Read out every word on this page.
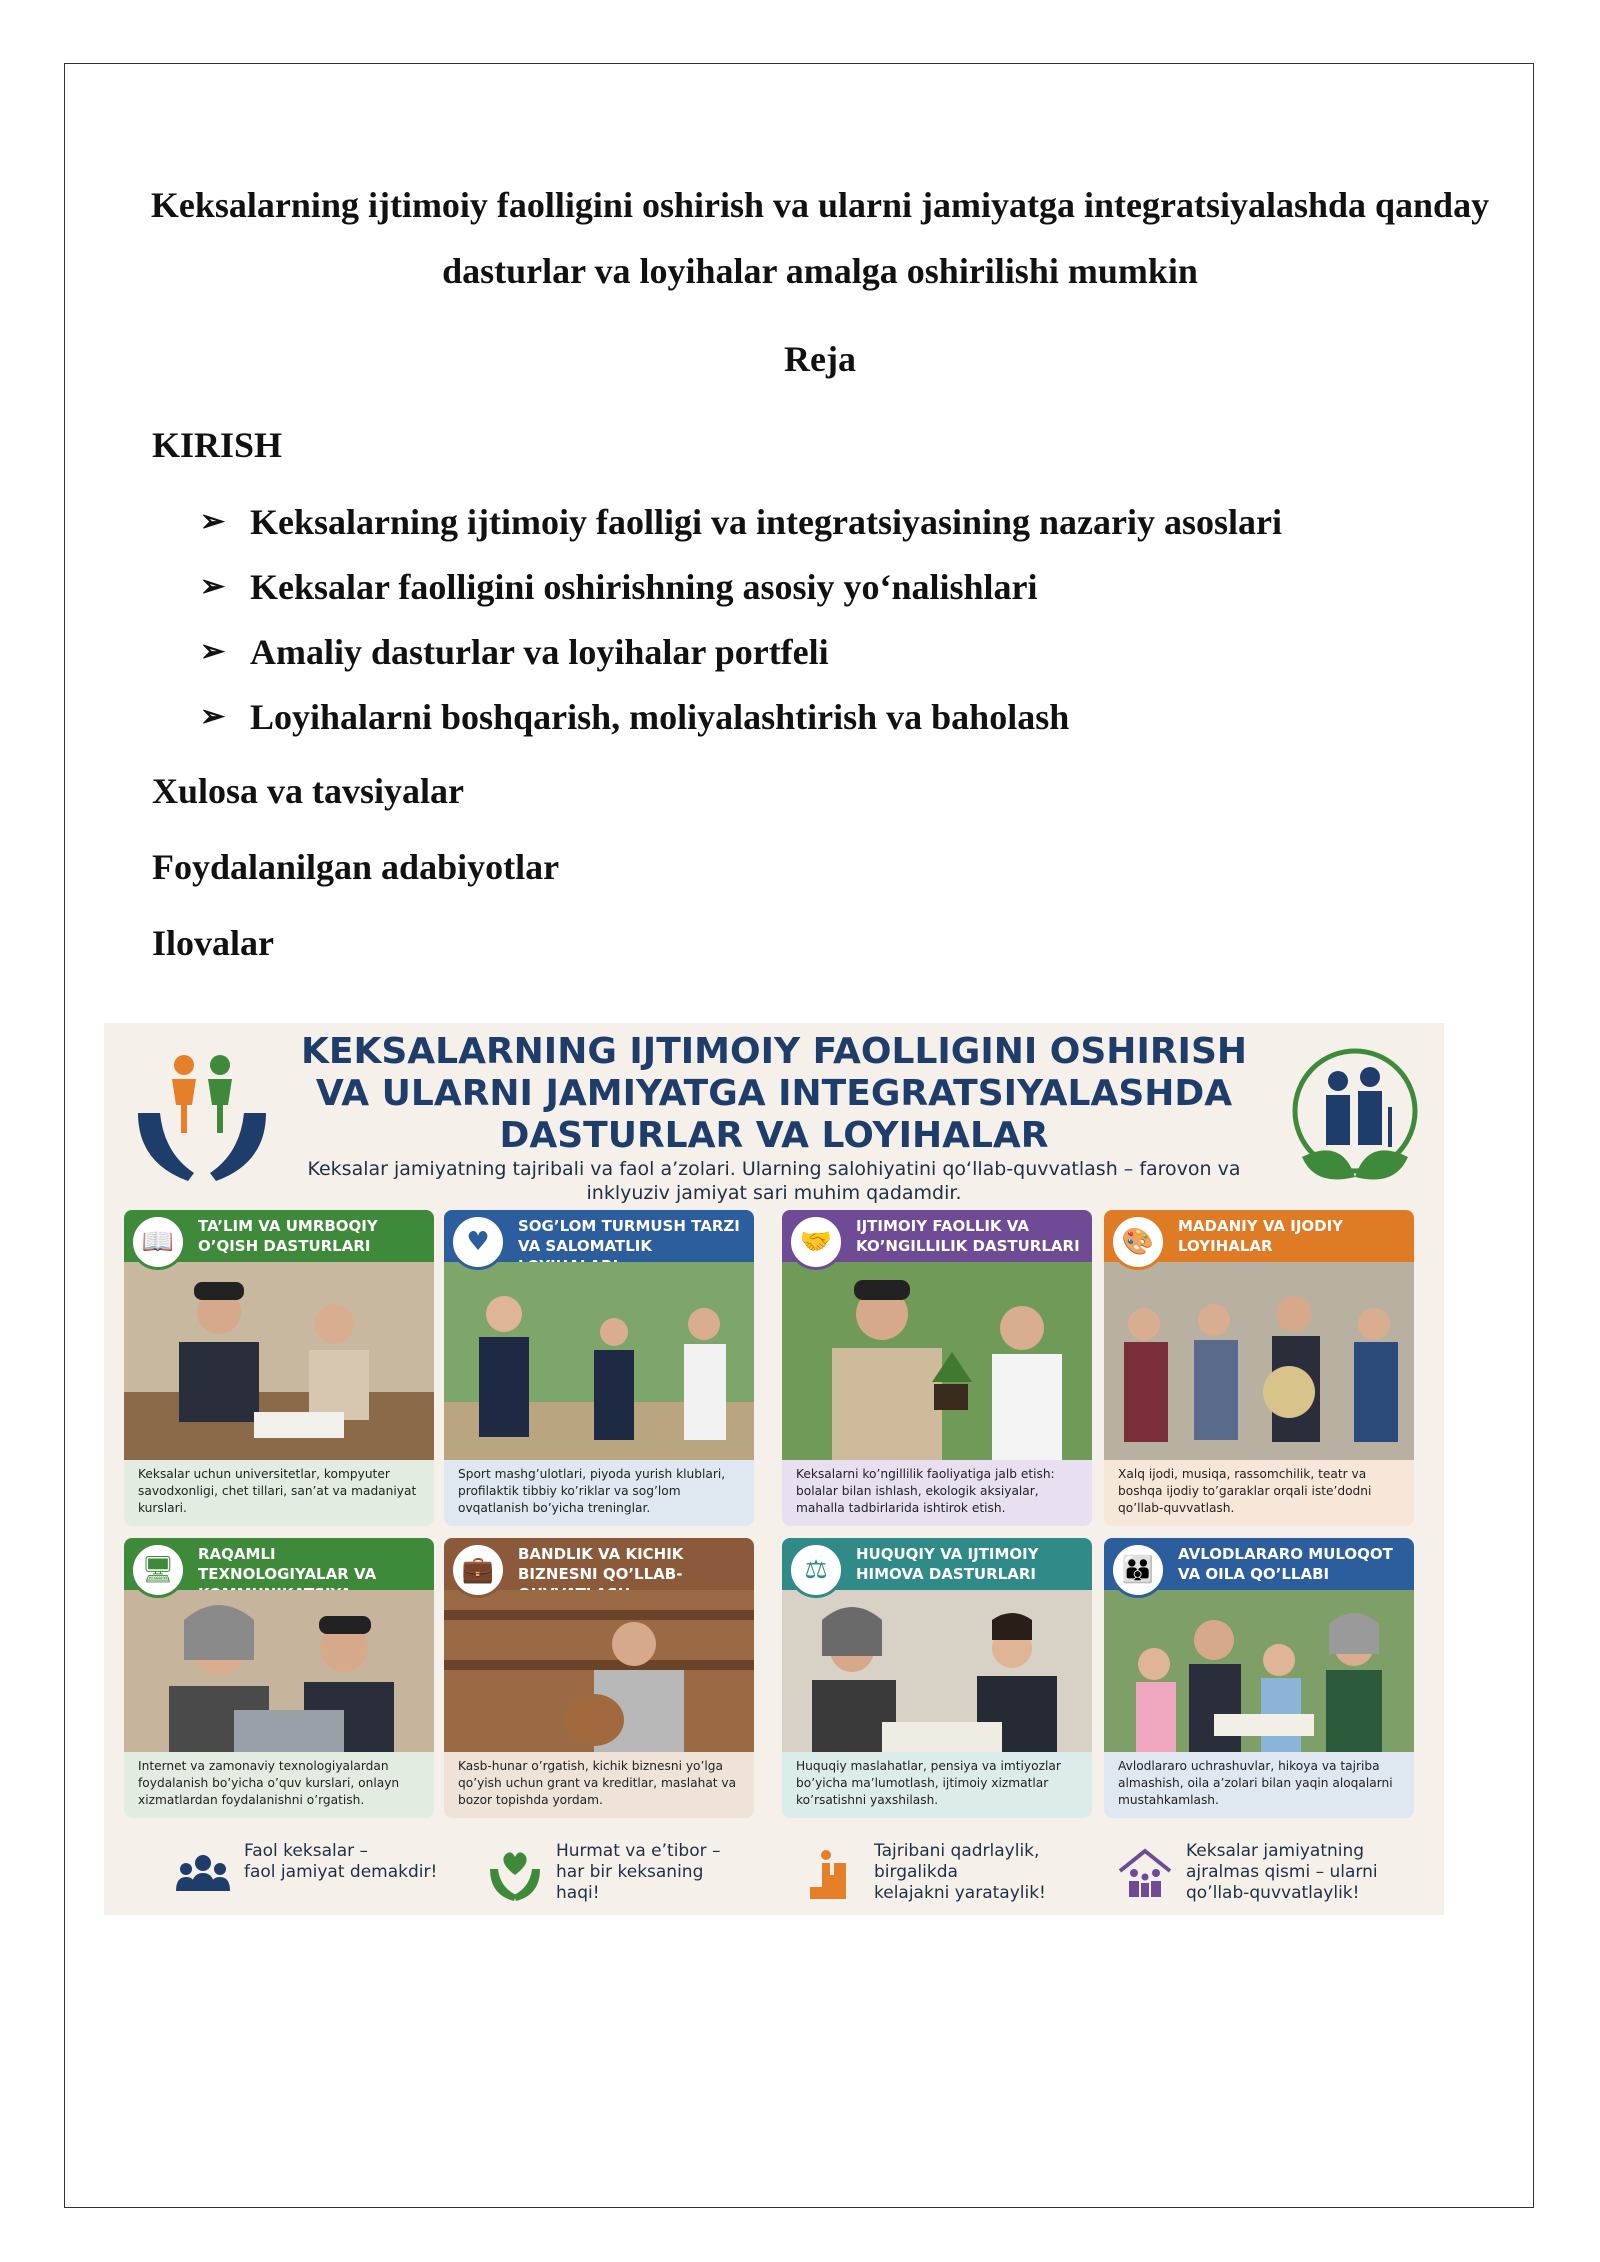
Keksalarning ijtimoiy faolligini oshirish va ularni jamiyatga integratsiyalashda qanday dasturlar va loyihalar amalga oshirilishi mumkin
Reja
KIRISH
➢ Keksalarning ijtimoiy faolligi va integratsiyasining nazariy asoslari
➢ Keksalar faolligini oshirishning asosiy yo‘nalishlari
➢ Amaliy dasturlar va loyihalar portfeli
➢ Loyihalarni boshqarish, moliyalashtirish va baholash
Xulosa va tavsiyalar
Foydalanilgan adabiyotlar
Ilovalar
KEKSALARNING IJTIMOIY FAOLLIGINI OSHIRISH
VA ULARNI JAMIYATGA INTEGRATSIYALASHDA
DASTURLAR VA LOYIHALAR

Keksalar jamiyatning tajribali va faol a’zolari. Ularning salohiyatini qo‘llab-quvvatlash – farovon va inklyuziv jamiyat sari muhim qadamdir.

📖

TA’LIM VA UMRBOQIY O’QISH DASTURLARI

Keksalar uchun universitetlar, kompyuter savodxonligi, chet tillari, san’at va madaniyat kurslari.
♥

SOG’LOM TURMUSH TARZI VA SALOMATLIK

Sport mashg’ulotlari, piyoda yurish klublari, profilaktik tibbiy ko’riklar va sog’lom ovqatlanish bo’yicha treninglar.
🤝

IJTIMOIY FAOLLIK VA KO’NGILLILIK DASTURLARI

Keksalarni ko’ngillilik faoliyatiga jalb etish: bolalar bilan ishlash, ekologik aksiyalar, mahalla tadbirlarida ishtirok etish.
🎨

MADANIY VA IJODIY LOYIHALAR

Xalq ijodi, musiqa, rassomchilik, teatr va boshqa ijodiy to’garaklar orqali iste’dodni qo’llab-quvvatlash.
🖥

RAQAMLI TEXNOLOGIYALAR VA

Internet va zamonaviy texnologiyalardan foydalanish bo’yicha o’quv kurslari, onlayn xizmatlardan foydalanishni o’rgatish.
💼

BANDLIK VA KICHIK BIZNESNI QO’LLAB-

Kasb-hunar o’rgatish, kichik biznesni yo’lga qo’yish uchun grant va kreditlar, maslahat va bozor topishda yordam.
⚖

HUQUQIY VA IJTIMOIY HIMOVA DASTURLARI

Huquqiy maslahatlar, pensiya va imtiyozlar bo’yicha ma’lumotlash, ijtimoiy xizmatlar ko’rsatishni yaxshilash.
👪

AVLODLARARO MULOQOT VA OILA QO’LLABI

Avlodlararo uchrashuvlar, hikoya va tajriba almashish, oila a’zolari bilan yaqin aloqalarni mustahkamlash.

Faol keksalar –
faol jamiyat demakdir!

Hurmat va e’tibor –
har bir keksaning
haqi!

Tajribani qadrlaylik,
birgalikda
kelajakni yarataylik!

Keksalar jamiyatning
ajralmas qismi – ularni
qo’llab-quvvatlaylik!
